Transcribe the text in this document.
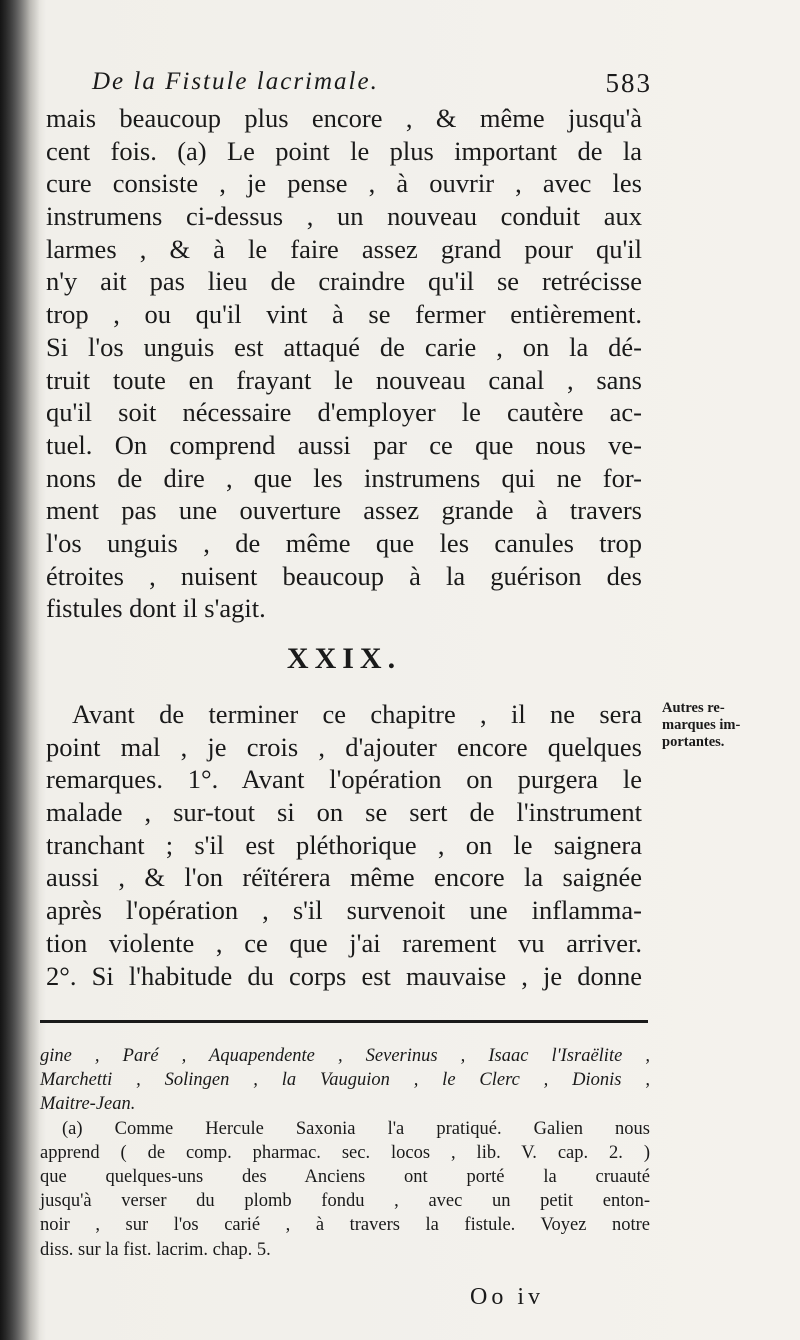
De la Fistule lacrimale.	583
mais beaucoup plus encore , & même jusqu'à
cent fois. (a) Le point le plus important de la
cure consiste , je pense , à ouvrir , avec les
instrumens ci-dessus , un nouveau conduit aux
larmes , & à le faire assez grand pour qu'il
n'y ait pas lieu de craindre qu'il se retrécisse
trop , ou qu'il vint à se fermer entièrement.
Si l'os unguis est attaqué de carie , on la dé-
truit toute en frayant le nouveau canal , sans
qu'il soit nécessaire d'employer le cautère ac-
tuel. On comprend aussi par ce que nous ve-
nons de dire , que les instrumens qui ne for-
ment pas une ouverture assez grande à travers
l'os unguis , de même que les canules trop
étroites , nuisent beaucoup à la guérison des
fistules dont il s'agit.
XXIX.
Avant de terminer ce chapitre , il ne sera
point mal , je crois , d'ajouter encore quelques
remarques. 1°. Avant l'opération on purgera le
malade , sur-tout si on se sert de l'instrument
tranchant ; s'il est pléthorique , on le saignera
aussi , & l'on réïtérera même encore la saignée
après l'opération , s'il survenoit une inflamma-
tion violente , ce que j'ai rarement vu arriver.
2°. Si l'habitude du corps est mauvaise , je donne
Autres re-
marques im-
portantes.
gine , Paré , Aquapendente , Severinus , Isaac l'Israëlite ,
Marchetti , Solingen , la Vauguion , le Clerc , Dionis ,
Maitre-Jean.
(a) Comme Hercule Saxonia l'a pratiqué. Galien nous
apprend ( de comp. pharmac. sec. locos , lib. V. cap. 2. )
que quelques-uns des Anciens ont porté la cruauté
jusqu'à verser du plomb fondu , avec un petit enton-
noir , sur l'os carié , à travers la fistule. Voyez notre
diss. sur la fist. lacrim. chap. 5.
Oo iv
